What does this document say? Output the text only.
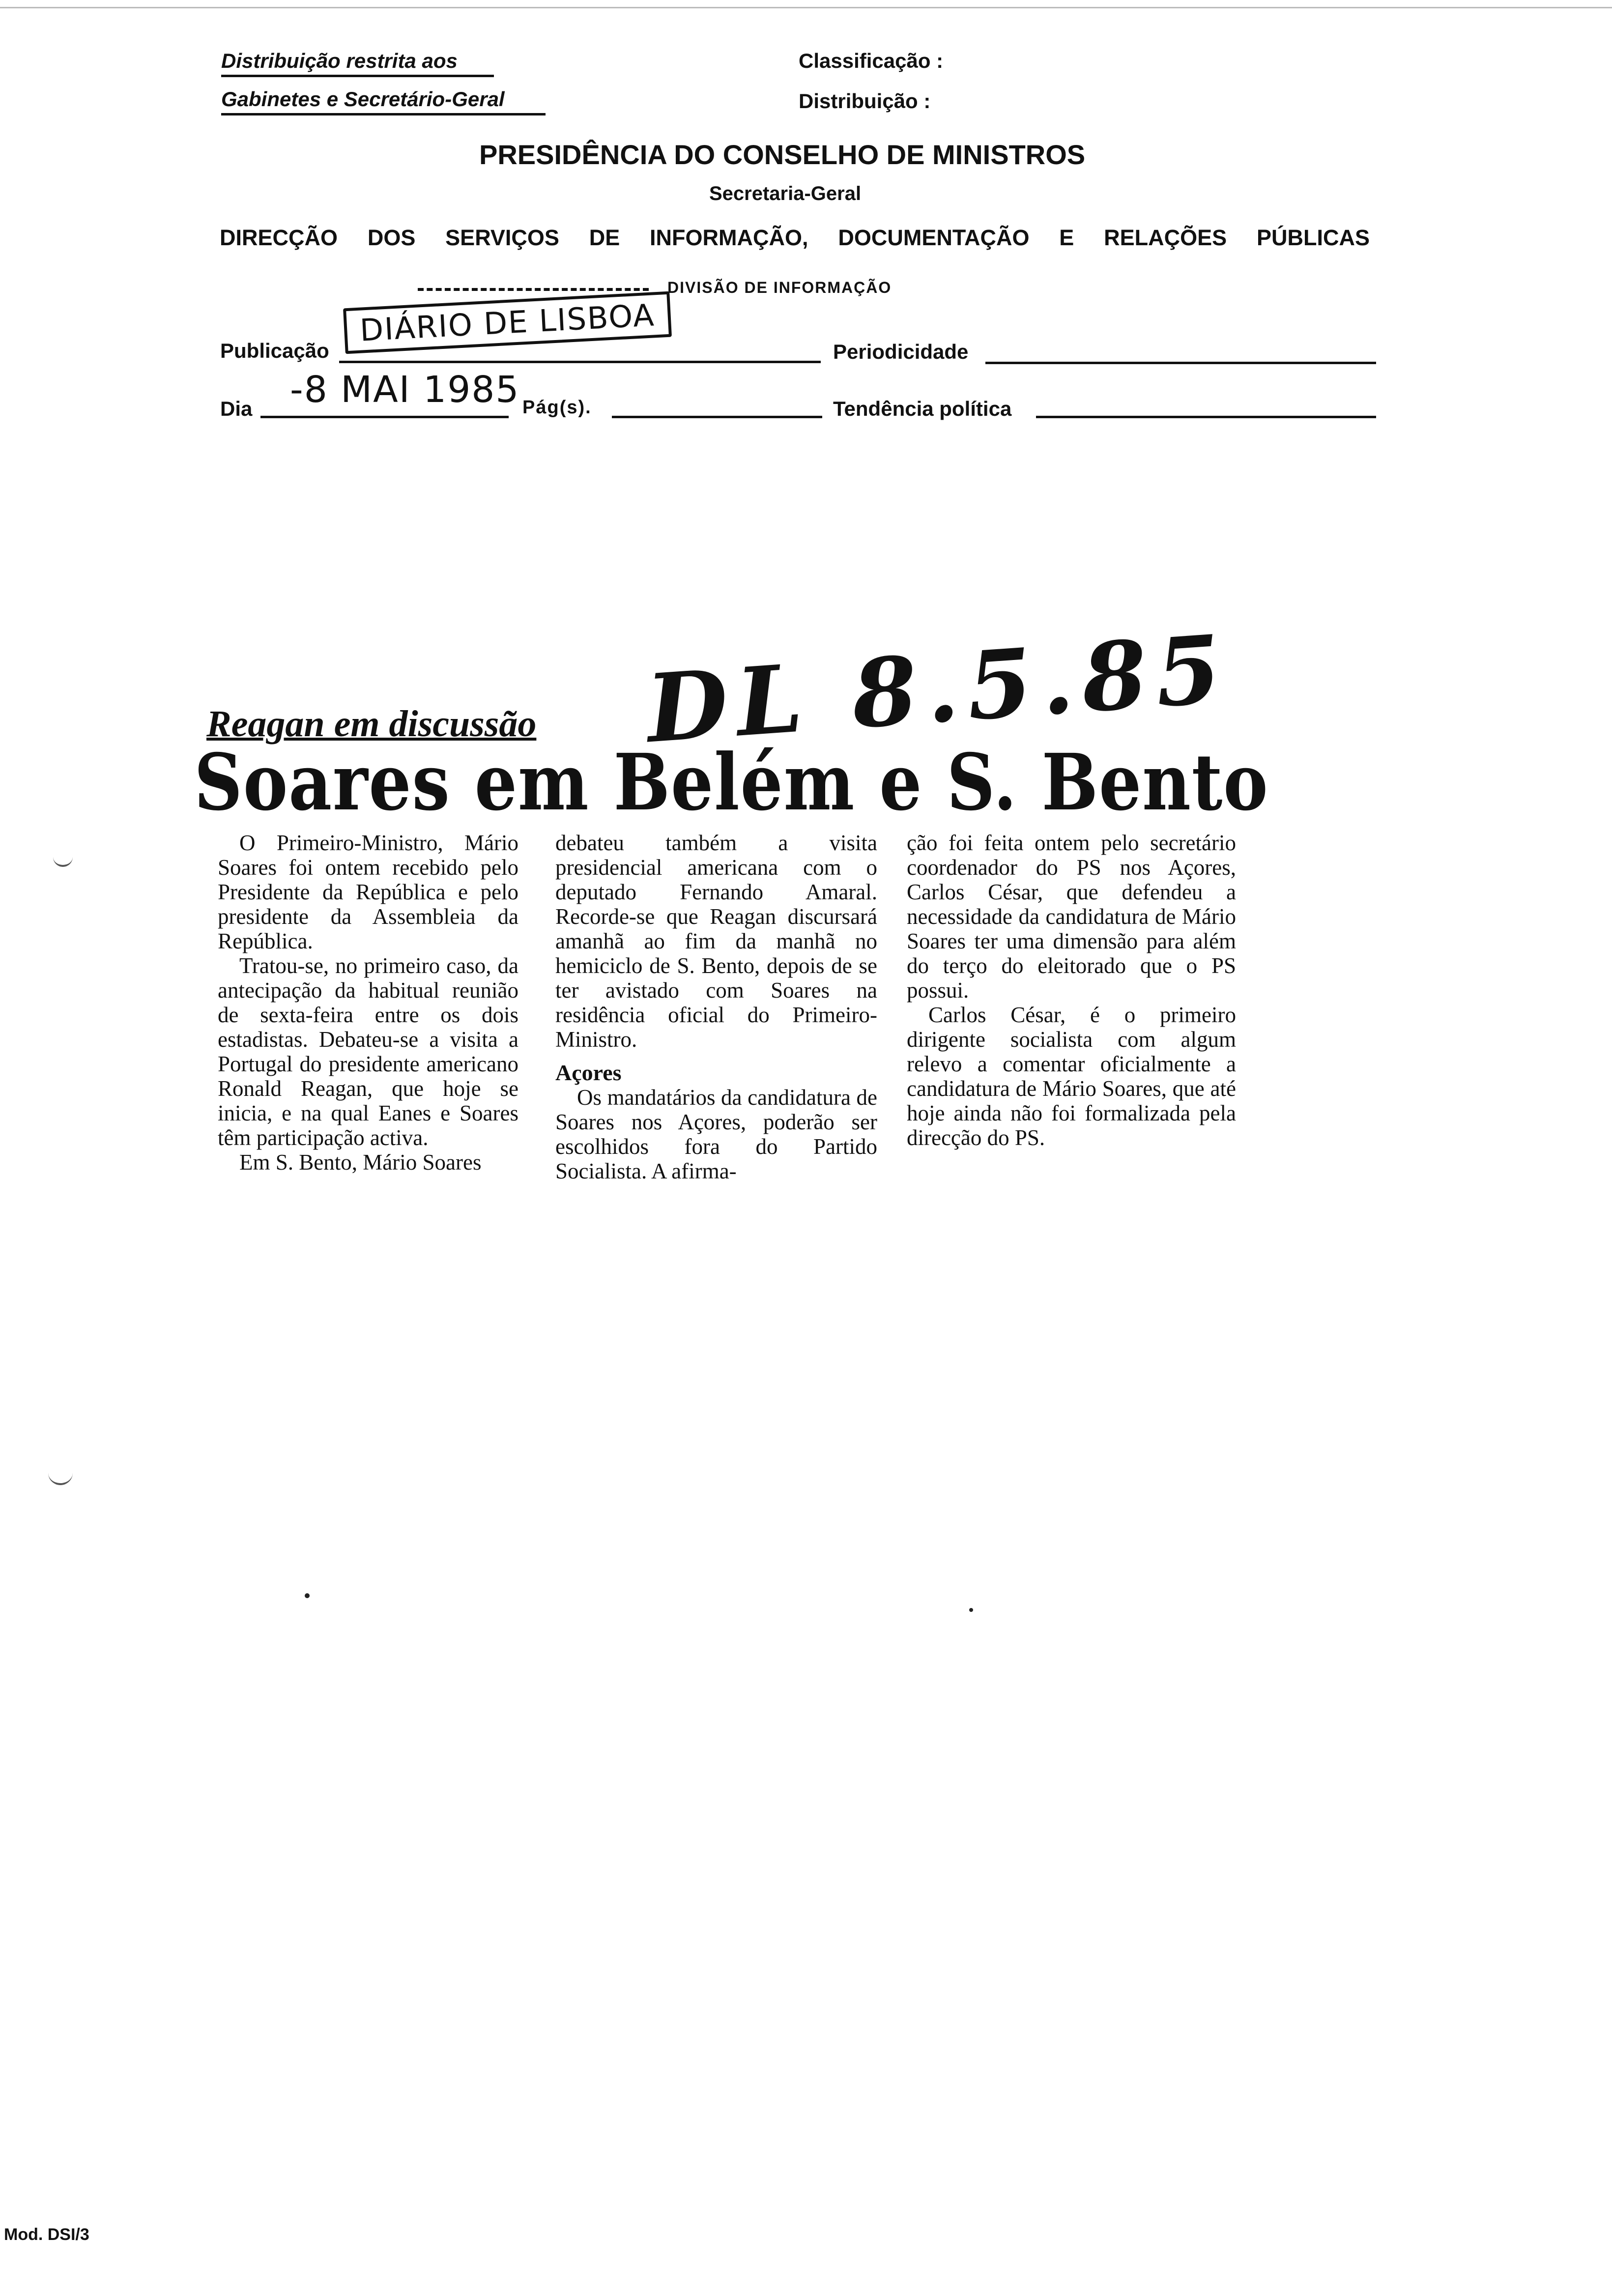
Distribuição restrita aos
Gabinetes e Secretário-Geral
Classificação :
Distribuição :
PRESIDÊNCIA DO CONSELHO DE MINISTROS
Secretaria-Geral
DIRECÇÃO DOS SERVIÇOS DE INFORMAÇÃO, DOCUMENTAÇÃO E RELAÇÕES PÚBLICAS
DIVISÃO DE INFORMAÇÃO
Publicação
DIÁRIO DE LISBOA
Periodicidade
Dia -8 MAI 1985 Pág(s).	Tendência política
DL 8.5.85
Reagan em discussão
Soares em Belém e S. Bento

O Primeiro-Ministro, Mário Soares foi ontem recebido pelo Presidente da República e pelo presidente da Assembleia da República.

Tratou-se, no primeiro caso, da antecipação da habitual reunião de sexta-feira entre os dois estadistas. Debateu-se a visita a Portugal do presidente americano Ronald Reagan, que hoje se inicia, e na qual Eanes e Soares têm participação activa.

Em S. Bento, Mário Soares

debateu também a visita presidencial americana com o deputado Fernando Amaral. Recorde-se que Reagan discursará amanhã ao fim da manhã no hemiciclo de S. Bento, depois de se ter avistado com Soares na residência oficial do Primeiro-Ministro.

Açores

Os mandatários da candidatura de Soares nos Açores, poderão ser escolhidos fora do Partido Socialista. A afirma-

ção foi feita ontem pelo secretário coordenador do PS nos Açores, Carlos César, que defendeu a necessidade da candidatura de Mário Soares ter uma dimensão para além do terço do eleitorado que o PS possui.

Carlos César, é o primeiro dirigente socialista com algum relevo a comentar oficialmente a candidatura de Mário Soares, que até hoje ainda não foi formalizada pela direcção do PS.

Mod. DSI/3
